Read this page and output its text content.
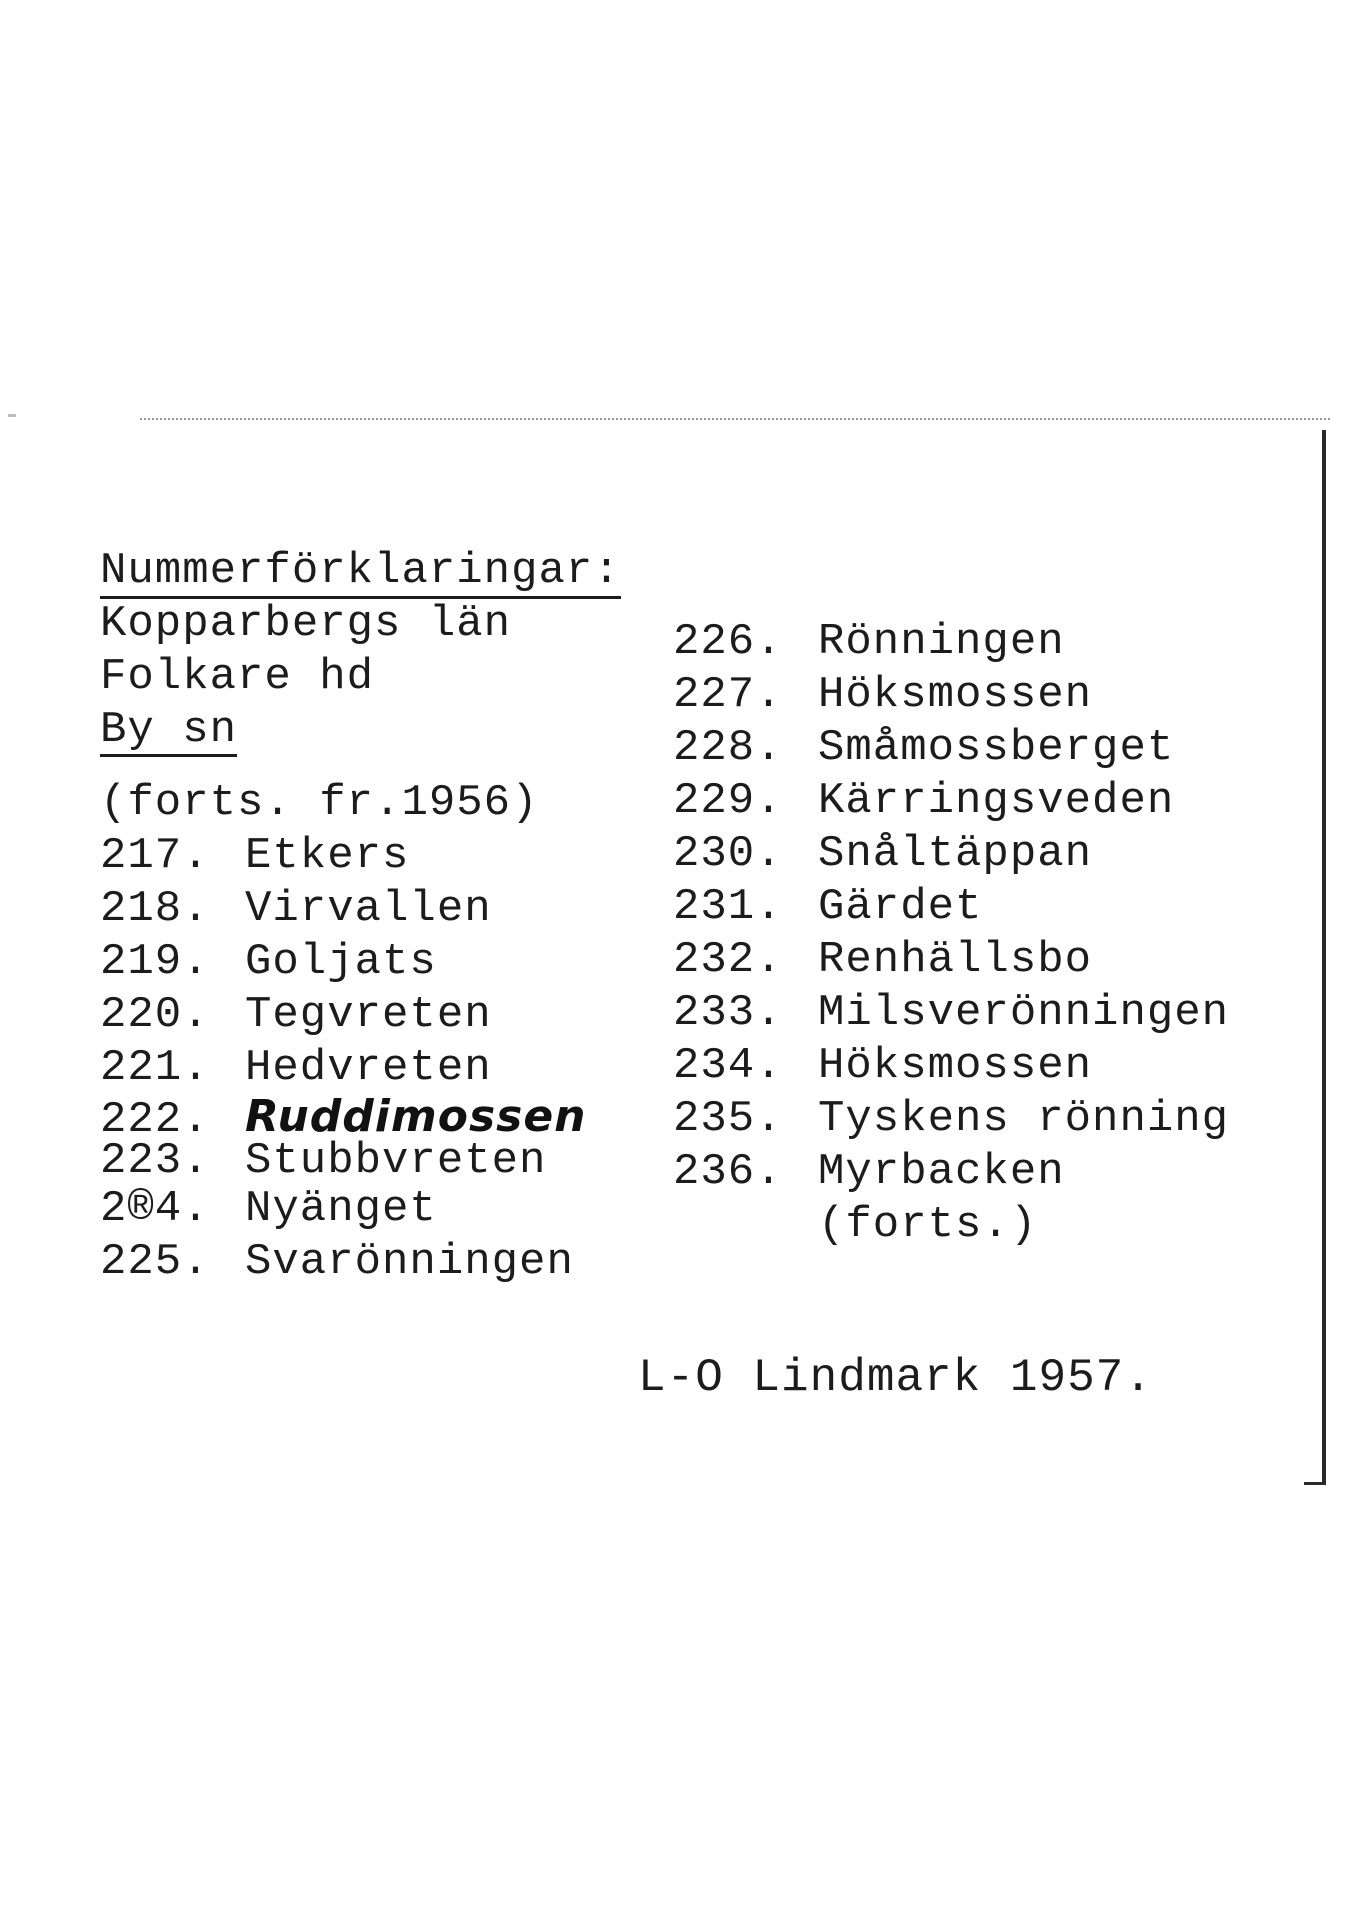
Nummerförklaringar:
Kopparbergs län
Folkare hd
By sn
(forts. fr.1956)
217. Etkers
218. Virvallen
219. Goljats
220. Tegvreten
221. Hedvreten
222. Ruddimossen
223. Stubbvreten
2®4. Nyänget
225. Svarönningen
226. Rönningen
227. Höksmossen
228. Småmossberget
229. Kärringsveden
230. Snåltäppan
231. Gärdet
232. Renhällsbo
233. Milsverönningen
234. Höksmossen
235. Tyskens rönning
236. Myrbacken
(forts.)
L-O Lindmark 1957.
